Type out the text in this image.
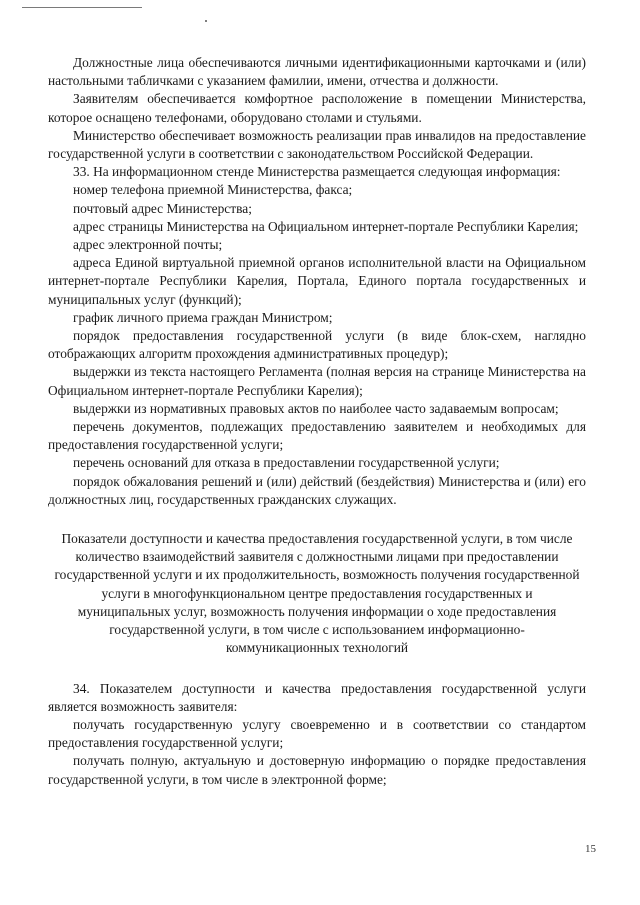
Должностные лица обеспечиваются личными идентификационными карточками и (или) настольными табличками с указанием фамилии, имени, отчества и должности.

Заявителям обеспечивается комфортное расположение в помещении Министерства, которое оснащено телефонами, оборудовано столами и стульями.

Министерство обеспечивает возможность реализации прав инвалидов на предоставление государственной услуги в соответствии с законодательством Российской Федерации.

33. На информационном стенде Министерства размещается следующая информация:

номер телефона приемной Министерства, факса;

почтовый адрес Министерства;

адрес страницы Министерства на Официальном интернет-портале Республики Карелия;

адрес электронной почты;

адреса Единой виртуальной приемной органов исполнительной власти на Официальном интернет-портале Республики Карелия, Портала, Единого портала государственных и муниципальных услуг (функций);

график личного приема граждан Министром;

порядок предоставления государственной услуги (в виде блок-схем, наглядно отображающих алгоритм прохождения административных процедур);

выдержки из текста настоящего Регламента (полная версия на странице Министерства на Официальном интернет-портале Республики Карелия);

выдержки из нормативных правовых актов по наиболее часто задаваемым вопросам;

перечень документов, подлежащих предоставлению заявителем и необходимых для предоставления государственной услуги;

перечень оснований для отказа в предоставлении государственной услуги;

порядок обжалования решений и (или) действий (бездействия) Министерства и (или) его должностных лиц, государственных гражданских служащих.

Показатели доступности и качества предоставления государственной услуги, в том числе количество взаимодействий заявителя с должностными лицами при предоставлении государственной услуги и их продолжительность, возможность получения государственной услуги в многофункциональном центре предоставления государственных и муниципальных услуг, возможность получения информации о ходе предоставления государственной услуги, в том числе с использованием информационно-коммуникационных технологий

34. Показателем доступности и качества предоставления государственной услуги является возможность заявителя:

получать государственную услугу своевременно и в соответствии со стандартом предоставления государственной услуги;

получать полную, актуальную и достоверную информацию о порядке предоставления государственной услуги, в том числе в электронной форме;

15
